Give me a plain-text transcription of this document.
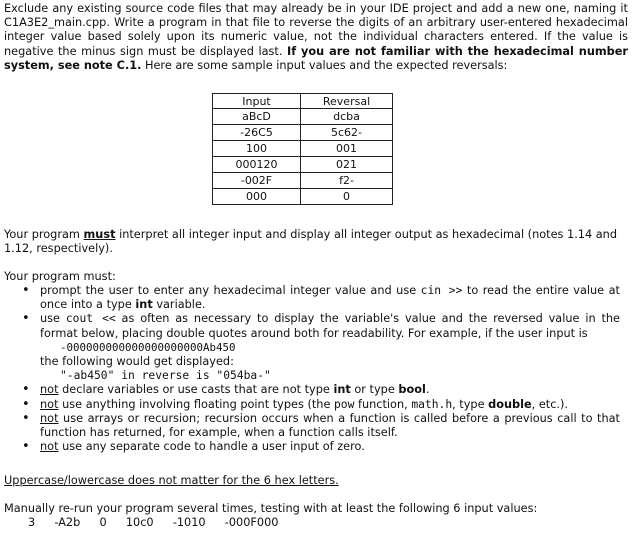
Exclude any existing source code files that may already be in your IDE project and add a new one, naming it C1A3E2_main.cpp. Write a program in that file to reverse the digits of an arbitrary user-entered hexadecimal integer value based solely upon its numeric value, not the individual characters entered. If the value is negative the minus sign must be displayed last. If you are not familiar with the hexadecimal number system, see note C.1. Here are some sample input values and the expected reversals:

Input	Reversal
aBcD	dcba
-26C5	5c62-
100	001
000120	021
-002F	f2-
000	0
Your program must interpret all integer input and display all integer output as hexadecimal (notes 1.14 and 1.12, respectively).
Your program must:
• prompt the user to enter any hexadecimal integer value and use cin >> to read the entire value at once into a type int variable.
• use cout << as often as necessary to display the variable's value and the reversed value in the format below, placing double quotes around both for readability. For example, if the user input is
-000000000000000000000Ab450
the following would get displayed:
"-ab450" in reverse is "054ba-"
• not declare variables or use casts that are not type int or type bool.
• not use anything involving floating point types (the pow function, math.h, type double, etc.).
• not use arrays or recursion; recursion occurs when a function is called before a previous call to that function has returned, for example, when a function calls itself.
• not use any separate code to handle a user input of zero.
Uppercase/lowercase does not matter for the 6 hex letters.
Manually re-run your program several times, testing with at least the following 6 input values:
3  -A2b  0  10c0  -1010  -000F000
